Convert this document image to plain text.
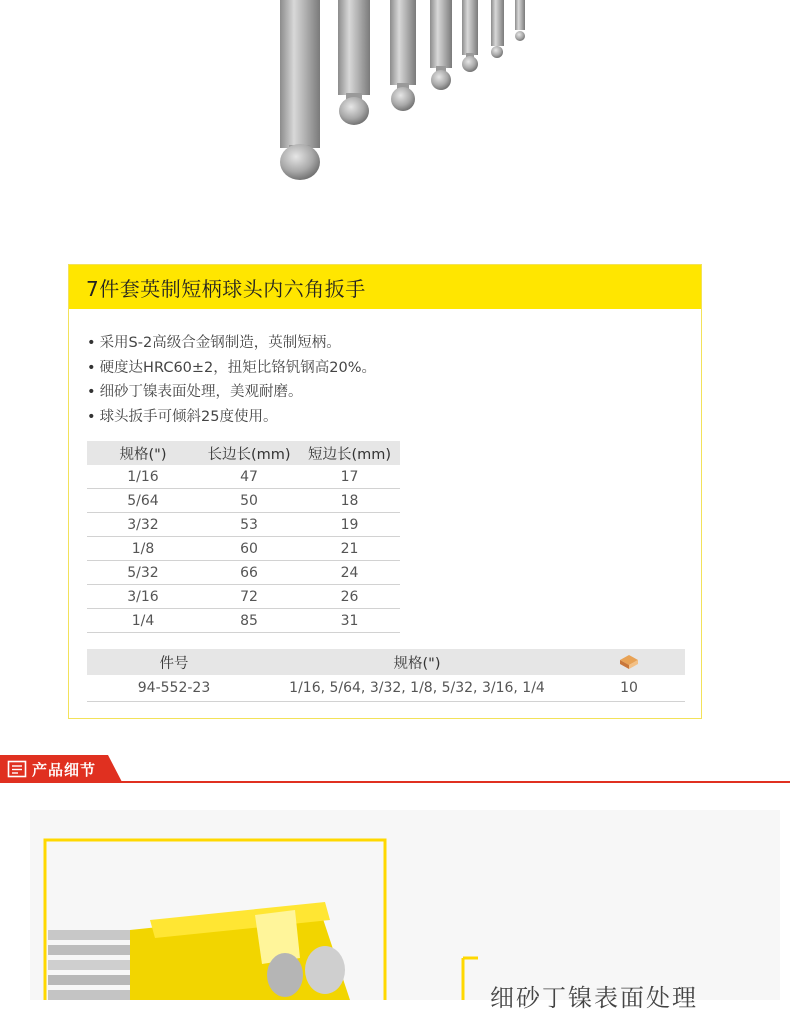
7件套英制短柄球头内六角扳手
• 采用S-2高级合金钢制造，英制短柄。
• 硬度达HRC60±2，扭矩比铬钒钢高20%。
• 细砂丁镍表面处理，美观耐磨。
• 球头扳手可倾斜25度使用。
规格(")	长边长(mm)	短边长(mm)
1/16	47	17
5/64	50	18
3/32	53	19
1/8	60	21
5/32	66	24
3/16	72	26
1/4	85	31
件号	规格(")	
94-552-23	1/16, 5/64, 3/32, 1/8, 5/32, 3/16, 1/4	10
产品细节
细砂丁镍表面处理
